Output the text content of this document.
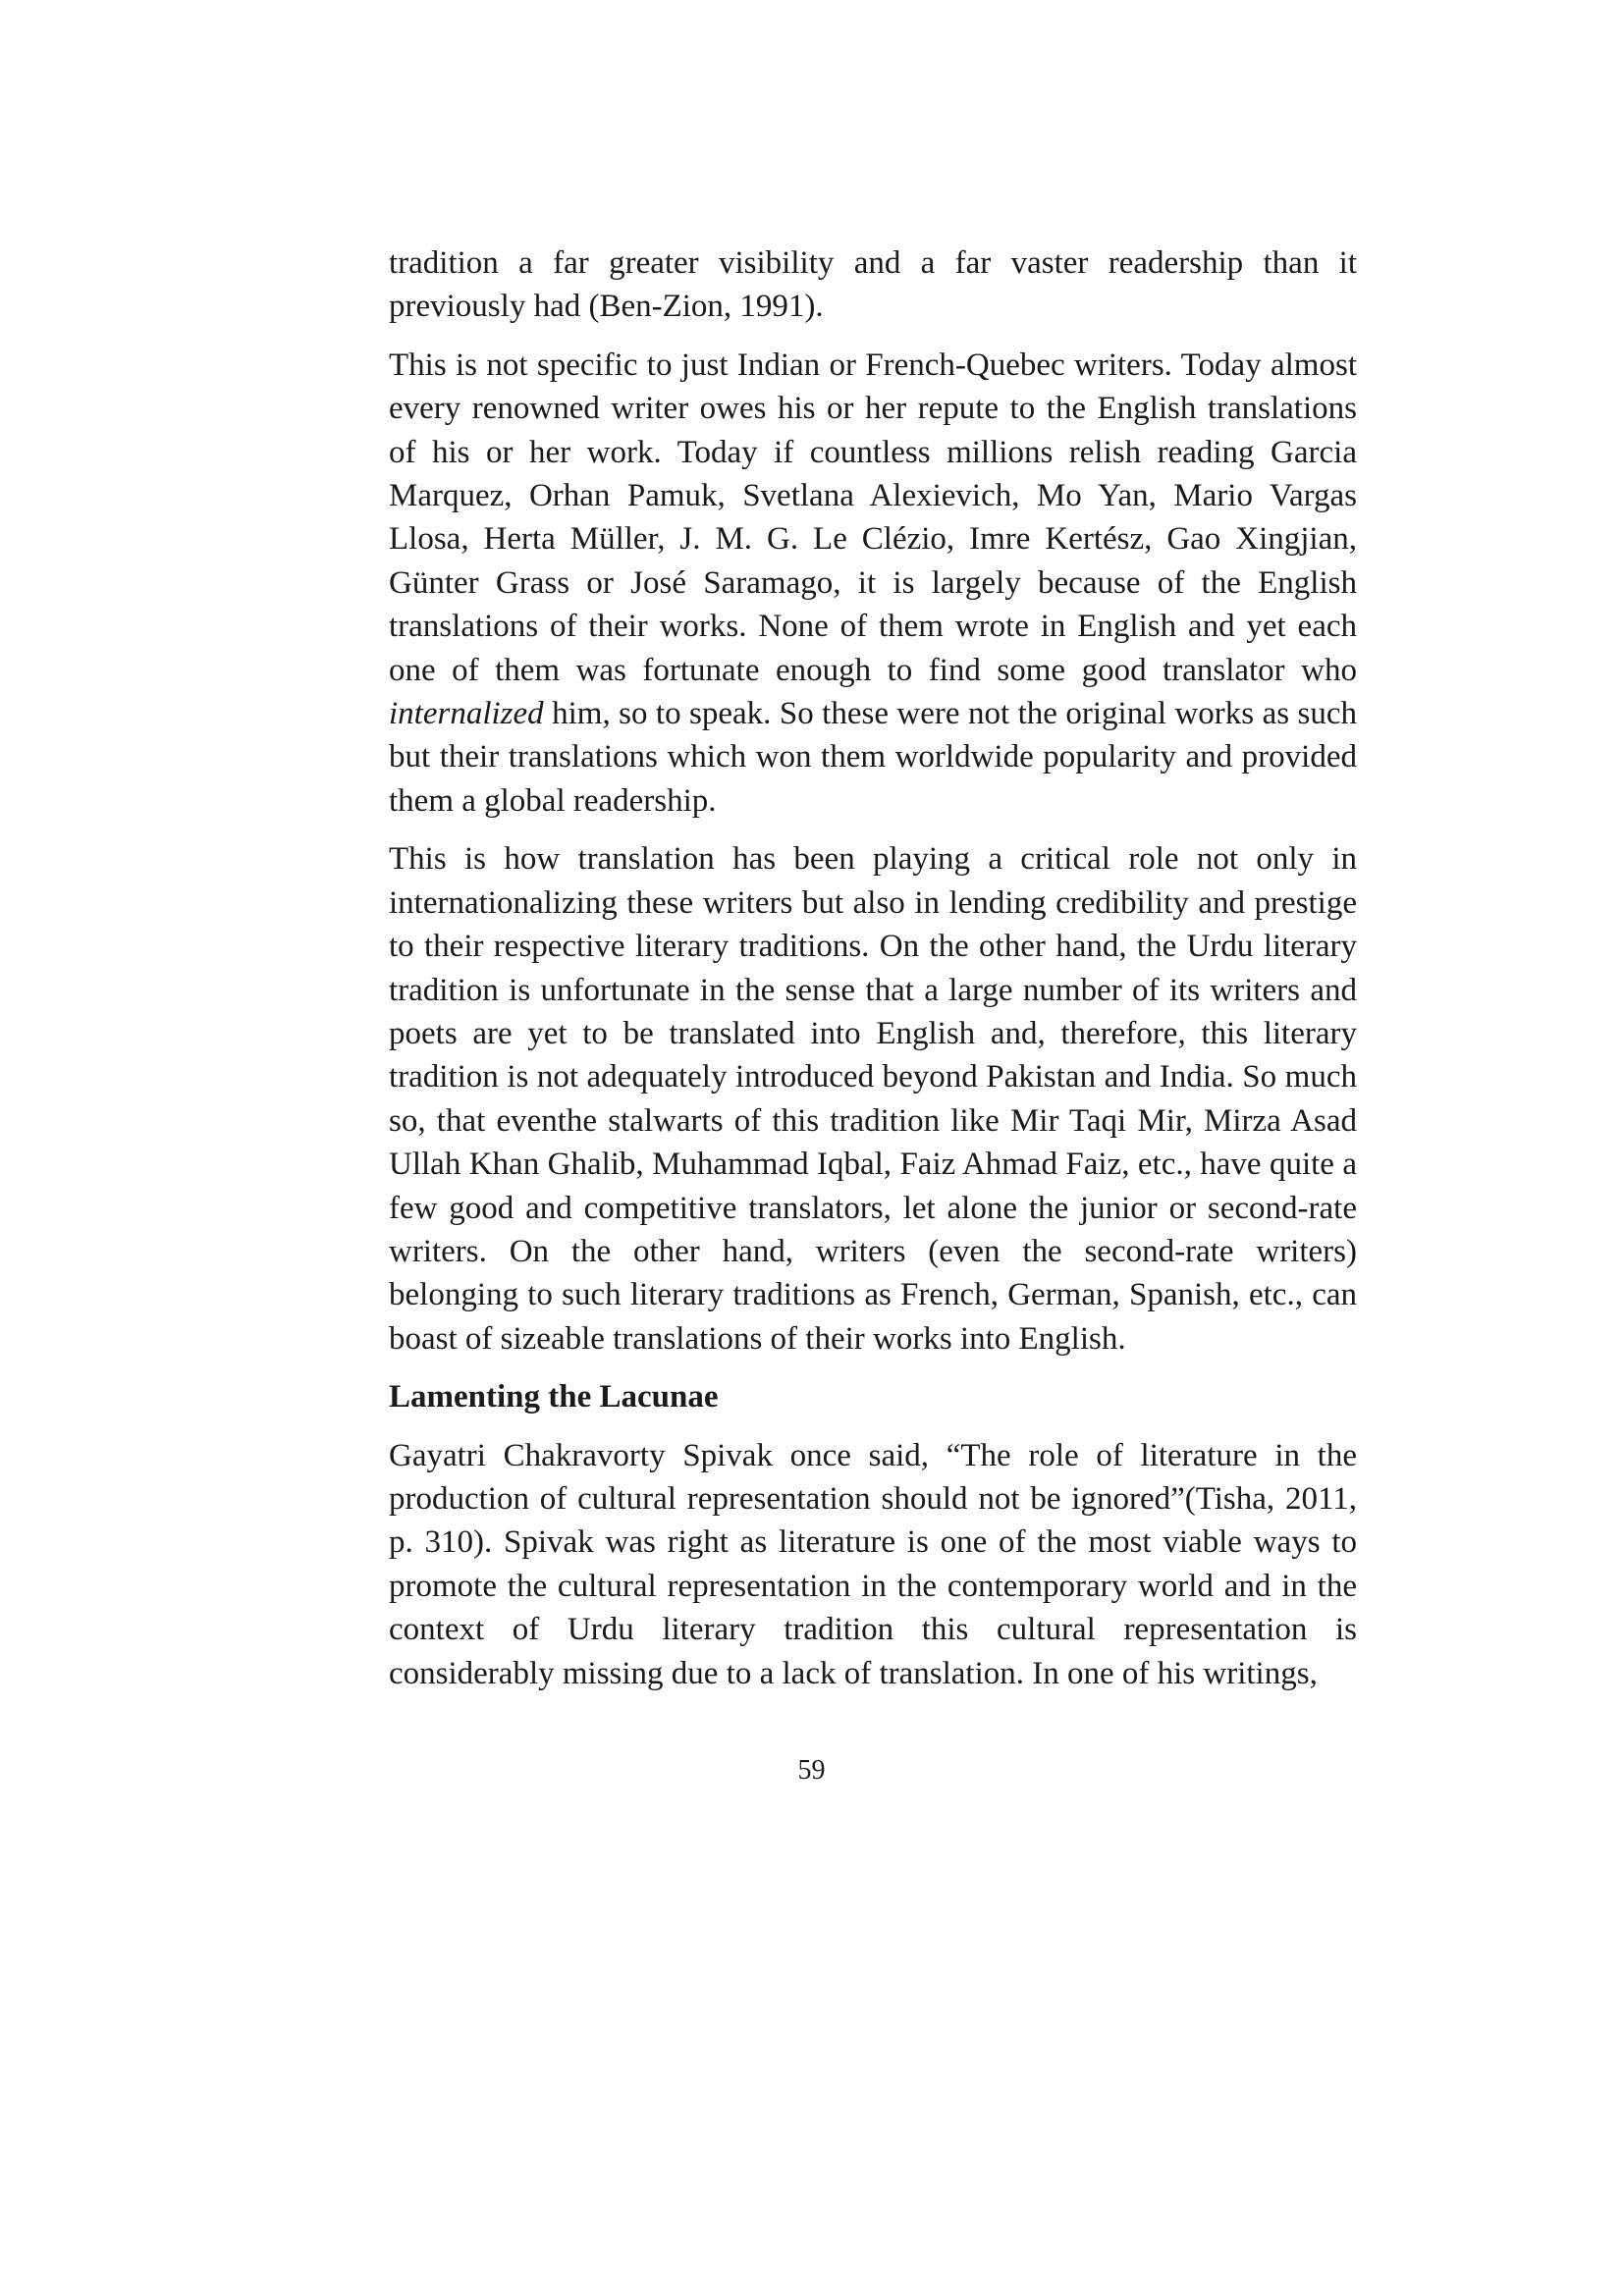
tradition a far greater visibility and a far vaster readership than it previously had (Ben-Zion, 1991).

This is not specific to just Indian or French-Quebec writers. Today almost every renowned writer owes his or her repute to the English translations of his or her work. Today if countless millions relish reading Garcia Marquez, Orhan Pamuk, Svetlana Alexievich, Mo Yan, Mario Vargas Llosa, Herta Müller, J. M. G. Le Clézio, Imre Kertész, Gao Xingjian, Günter Grass or José Saramago, it is largely because of the English translations of their works. None of them wrote in English and yet each one of them was fortunate enough to find some good translator who internalized him, so to speak. So these were not the original works as such but their translations which won them worldwide popularity and provided them a global readership.

This is how translation has been playing a critical role not only in internationalizing these writers but also in lending credibility and prestige to their respective literary traditions. On the other hand, the Urdu literary tradition is unfortunate in the sense that a large number of its writers and poets are yet to be translated into English and, therefore, this literary tradition is not adequately introduced beyond Pakistan and India. So much so, that eventhe stalwarts of this tradition like Mir Taqi Mir, Mirza Asad Ullah Khan Ghalib, Muhammad Iqbal, Faiz Ahmad Faiz, etc., have quite a few good and competitive translators, let alone the junior or second-rate writers. On the other hand, writers (even the second-rate writers) belonging to such literary traditions as French, German, Spanish, etc., can boast of sizeable translations of their works into English.

Lamenting the Lacunae

Gayatri Chakravorty Spivak once said, “The role of literature in the production of cultural representation should not be ignored”(Tisha, 2011, p. 310). Spivak was right as literature is one of the most viable ways to promote the cultural representation in the contemporary world and in the context of Urdu literary tradition this cultural representation is considerably missing due to a lack of translation. In one of his writings,

59
